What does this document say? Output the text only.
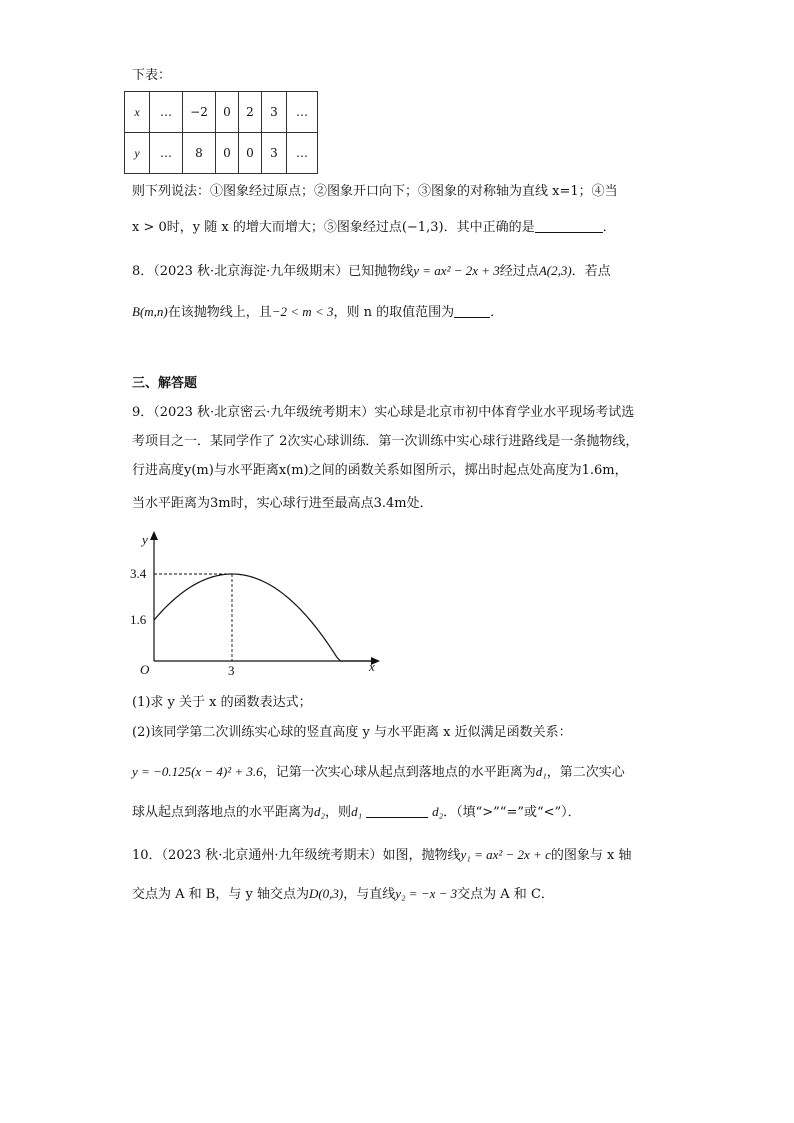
下表：
x	…	−2	0	2	3	…
y	…	8	0	0	3	…
则下列说法：①图象经过原点；②图象开口向下；③图象的对称轴为直线 x=1；④当
x > 0时，y 随 x 的增大而增大；⑤图象经过点(−1,3)．其中正确的是	．
8．（2023 秋·北京海淀·九年级期末）已知抛物线y = ax² − 2x + 3经过点A(2,3)．若点
B(m,n)在该抛物线上，且−2 < m < 3，则 n 的取值范围为	．
三、解答题
9．（2023 秋·北京密云·九年级统考期末）实心球是北京市初中体育学业水平现场考试选
考项目之一．某同学作了 2次实心球训练．第一次训练中实心球行进路线是一条抛物线，
行进高度y(m)与水平距离x(m)之间的函数关系如图所示，掷出时起点处高度为1.6m，
当水平距离为3m时，实心球行进至最高点3.4m处．
1.6
3.4
3
y
x
O
(1)求 y 关于 x 的函数表达式；
(2)该同学第二次训练实心球的竖直高度 y 与水平距离 x 近似满足函数关系：
y = −0.125(x − 4)² + 3.6，记第一次实心球从起点到落地点的水平距离为d₁，第二次实心
球从起点到落地点的水平距离为d₂，则d₁	d₂．（填“>”“=”或“<”）．
10．（2023 秋·北京通州·九年级统考期末）如图，抛物线y₁ = ax² − 2x + c的图象与 x 轴
交点为 A 和 B，与 y 轴交点为D(0,3)，与直线y₂ = −x − 3交点为 A 和 C．
